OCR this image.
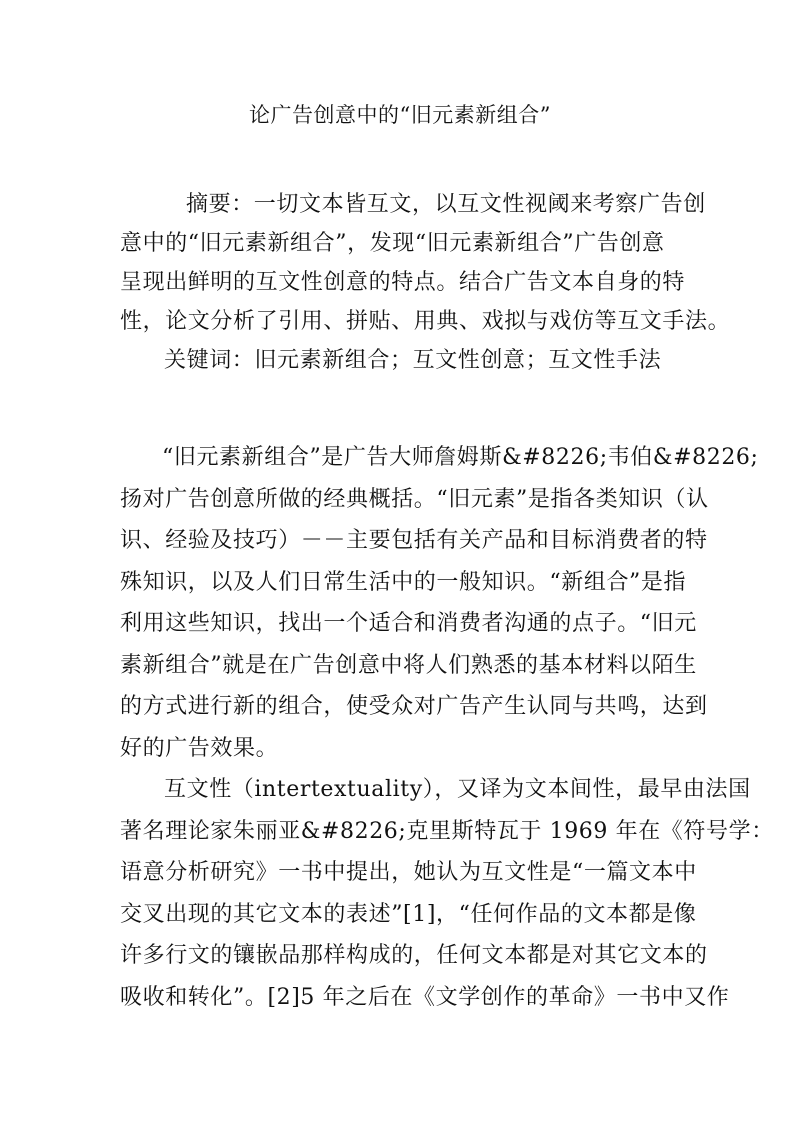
论广告创意中的“旧元素新组合”
摘要：一切文本皆互文，以互文性视阈来考察广告创
意中的“旧元素新组合”，发现“旧元素新组合”广告创意
呈现出鲜明的互文性创意的特点。结合广告文本自身的特
性，论文分析了引用、拼贴、用典、戏拟与戏仿等互文手法。
关键词：旧元素新组合；互文性创意；互文性手法
“旧元素新组合”是广告大师詹姆斯&#8226;韦伯&#8226;
扬对广告创意所做的经典概括。“旧元素”是指各类知识（认
识、经验及技巧）－－主要包括有关产品和目标消费者的特
殊知识，以及人们日常生活中的一般知识。“新组合”是指
利用这些知识，找出一个适合和消费者沟通的点子。“旧元
素新组合”就是在广告创意中将人们熟悉的基本材料以陌生
的方式进行新的组合，使受众对广告产生认同与共鸣，达到
好的广告效果。
互文性（intertextuality），又译为文本间性，最早由法国
著名理论家朱丽亚&#8226;克里斯特瓦于 1969 年在《符号学：
语意分析研究》一书中提出，她认为互文性是“一篇文本中
交叉出现的其它文本的表述”[1]，“任何作品的文本都是像
许多行文的镶嵌品那样构成的，任何文本都是对其它文本的
吸收和转化”。[2]5 年之后在《文学创作的革命》一书中又作
